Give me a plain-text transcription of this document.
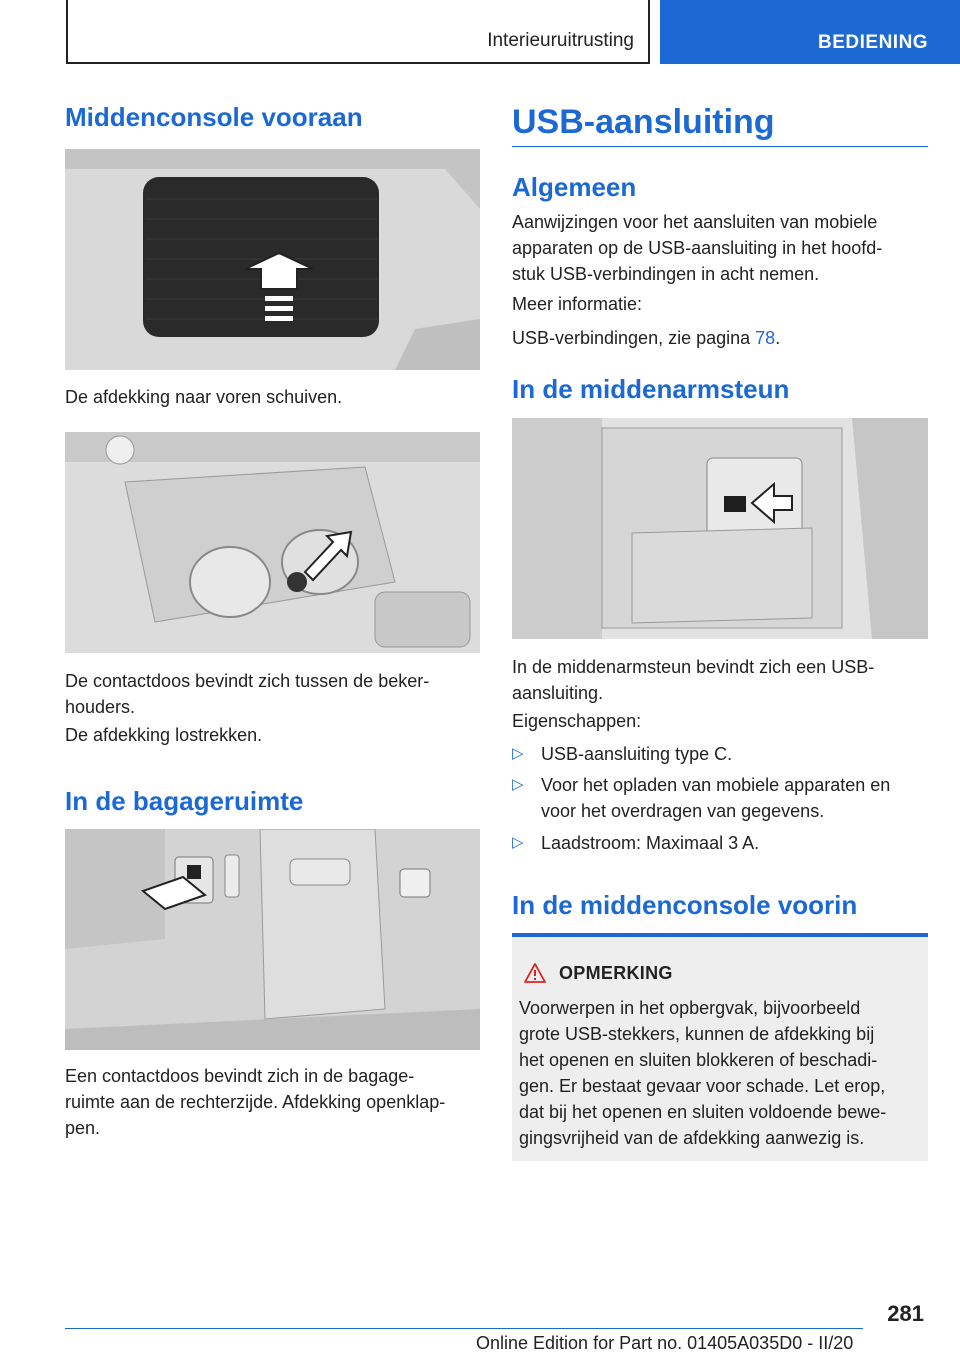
Interieuruitrusting	BEDIENING
Middenconsole vooraan

De afdekking naar voren schuiven.

De contactdoos bevindt zich tussen de beker-
houders.

De afdekking lostrekken.

In de bagageruimte

Een contactdoos bevindt zich in de bagage-
ruimte aan de rechterzijde. Afdekking openklap-
pen.

USB-aansluiting
Algemeen

Aanwijzingen voor het aansluiten van mobiele
apparaten op de USB-aansluiting in het hoofd-
stuk USB-verbindingen in acht nemen.

Meer informatie:

USB-verbindingen, zie pagina 78.

In de middenarmsteun

In de middenarmsteun bevindt zich een USB-
aansluiting.

Eigenschappen:

▷ USB-aansluiting type C.
▷ Voor het opladen van mobiele apparaten en
voor het overdragen van gegevens.
▷ Laadstroom: Maximaal 3 A.
In de middenconsole voorin
OPMERKING
Voorwerpen in het opbergvak, bijvoorbeeld
grote USB-stekkers, kunnen de afdekking bij
het openen en sluiten blokkeren of beschadi-
gen. Er bestaat gevaar voor schade. Let erop,
dat bij het openen en sluiten voldoende bewe-
gingsvrijheid van de afdekking aanwezig is.
281
Online Edition for Part no. 01405A035D0 - II/20
